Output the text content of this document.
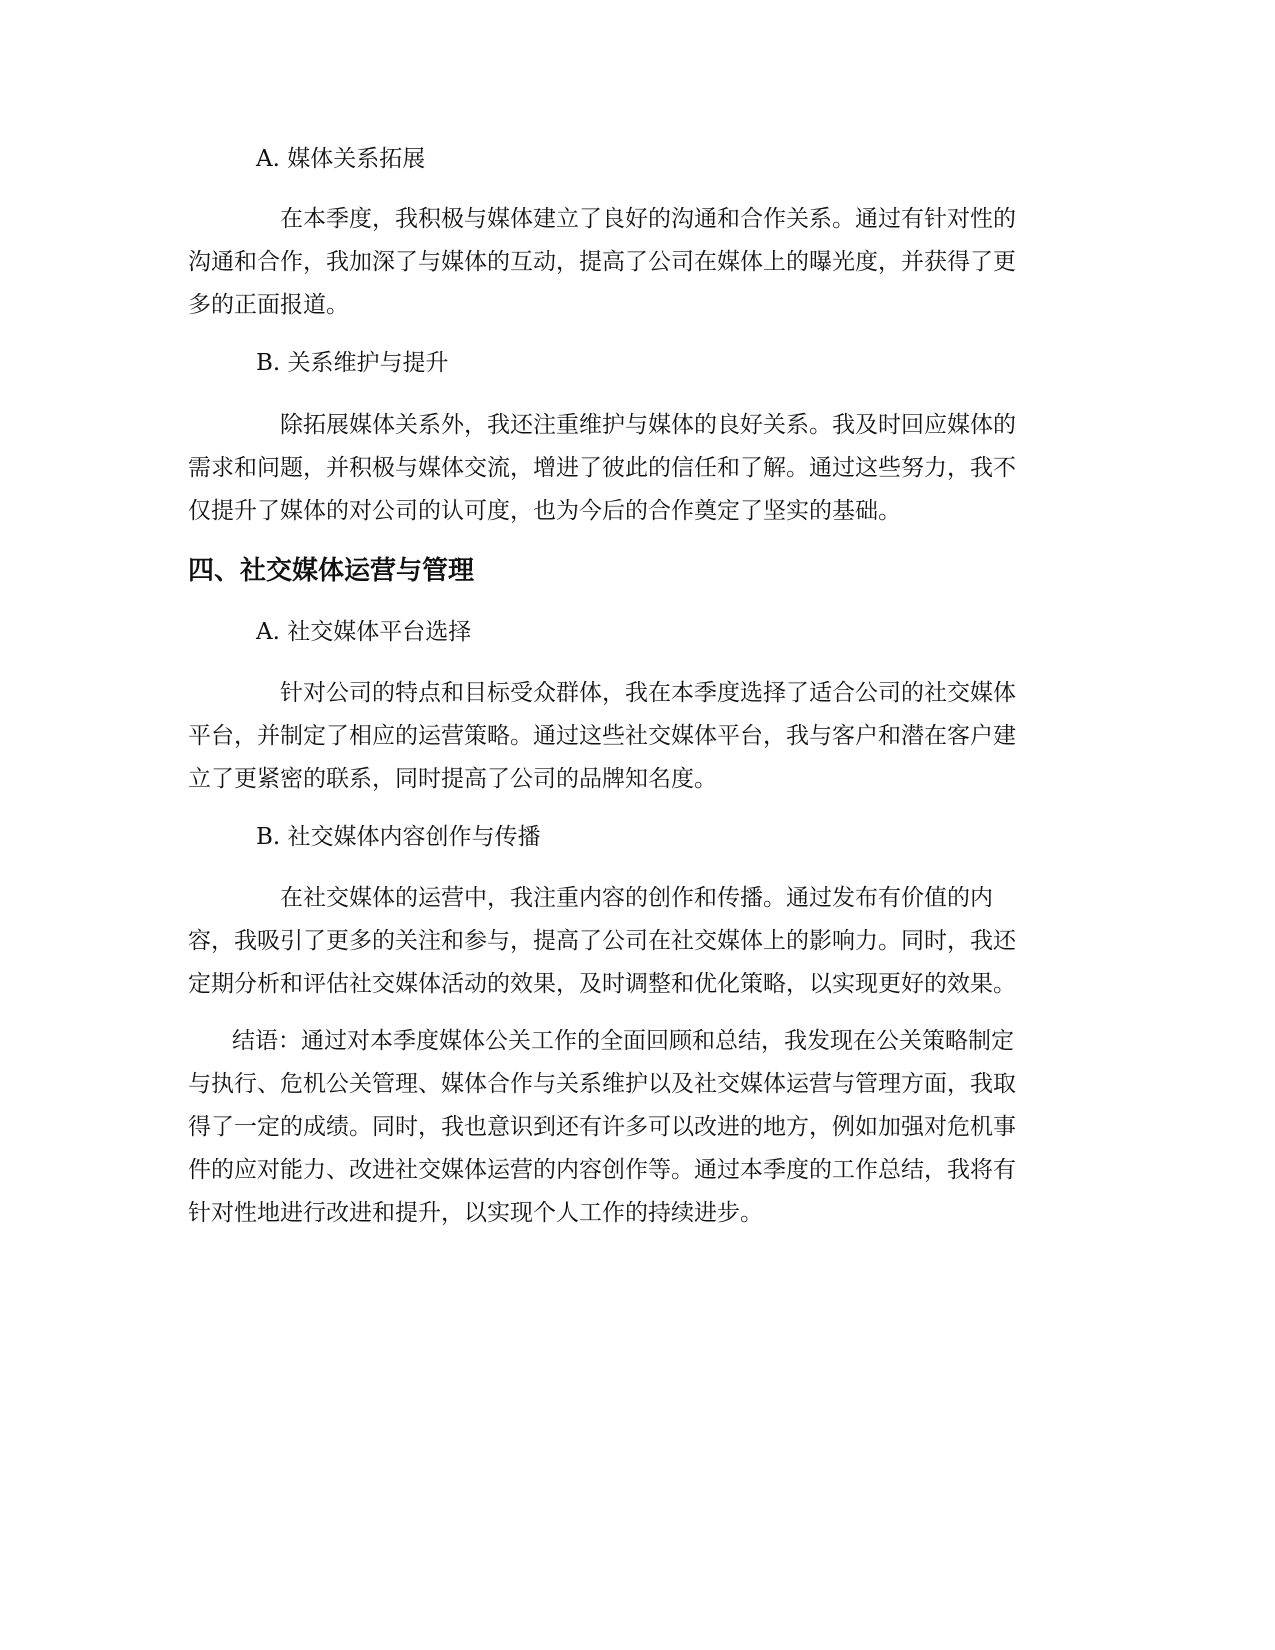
A. 媒体关系拓展
在本季度，我积极与媒体建立了良好的沟通和合作关系。通过有针对性的
沟通和合作，我加深了与媒体的互动，提高了公司在媒体上的曝光度，并获得了更
多的正面报道。
B. 关系维护与提升
除拓展媒体关系外，我还注重维护与媒体的良好关系。我及时回应媒体的
需求和问题，并积极与媒体交流，增进了彼此的信任和了解。通过这些努力，我不
仅提升了媒体的对公司的认可度，也为今后的合作奠定了坚实的基础。
四、社交媒体运营与管理
A. 社交媒体平台选择
针对公司的特点和目标受众群体，我在本季度选择了适合公司的社交媒体
平台，并制定了相应的运营策略。通过这些社交媒体平台，我与客户和潜在客户建
立了更紧密的联系，同时提高了公司的品牌知名度。
B. 社交媒体内容创作与传播
在社交媒体的运营中，我注重内容的创作和传播。通过发布有价值的内
容，我吸引了更多的关注和参与，提高了公司在社交媒体上的影响力。同时，我还
定期分析和评估社交媒体活动的效果，及时调整和优化策略，以实现更好的效果。
结语：通过对本季度媒体公关工作的全面回顾和总结，我发现在公关策略制定
与执行、危机公关管理、媒体合作与关系维护以及社交媒体运营与管理方面，我取
得了一定的成绩。同时，我也意识到还有许多可以改进的地方，例如加强对危机事
件的应对能力、改进社交媒体运营的内容创作等。通过本季度的工作总结，我将有
针对性地进行改进和提升，以实现个人工作的持续进步。
